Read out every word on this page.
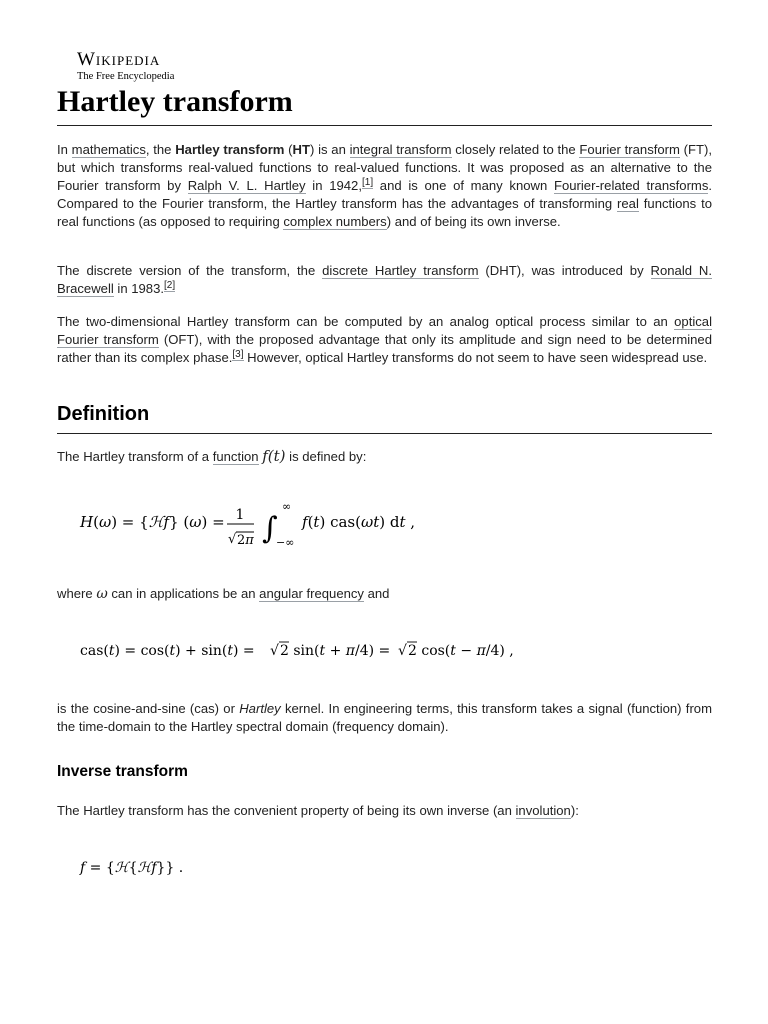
Wikipedia
The Free Encyclopedia
Hartley transform

In mathematics, the Hartley transform (HT) is an integral transform closely related to the Fourier transform (FT), but which transforms real-valued functions to real-valued functions. It was proposed as an alternative to the Fourier transform by Ralph V. L. Hartley in 1942,[1] and is one of many known Fourier-related transforms. Compared to the Fourier transform, the Hartley transform has the advantages of transforming real functions to real functions (as opposed to requiring complex numbers) and of being its own inverse.

The discrete version of the transform, the discrete Hartley transform (DHT), was introduced by Ronald N. Bracewell in 1983.[2]

The two-dimensional Hartley transform can be computed by an analog optical process similar to an optical Fourier transform (OFT), with the proposed advantage that only its amplitude and sign need to be determined rather than its complex phase.[3] However, optical Hartley transforms do not seem to have seen widespread use.

Definition

The Hartley transform of a function f(t) is defined by:

H(ω) = {ℋf} (ω) = 1
√ 2π ∫
∞
−∞
f(t) cas(ωt) dt ,

where ω can in applications be an angular frequency and

cas(t) = cos(t) + sin(t) = √ 2 sin(t + π/4) = √ 2 cos(t − π/4) ,

is the cosine-and-sine (cas) or Hartley kernel. In engineering terms, this transform takes a signal (function) from the time-domain to the Hartley spectral domain (frequency domain).

Inverse transform

The Hartley transform has the convenient property of being its own inverse (an involution):

f = {ℋ{ℋf}} .
